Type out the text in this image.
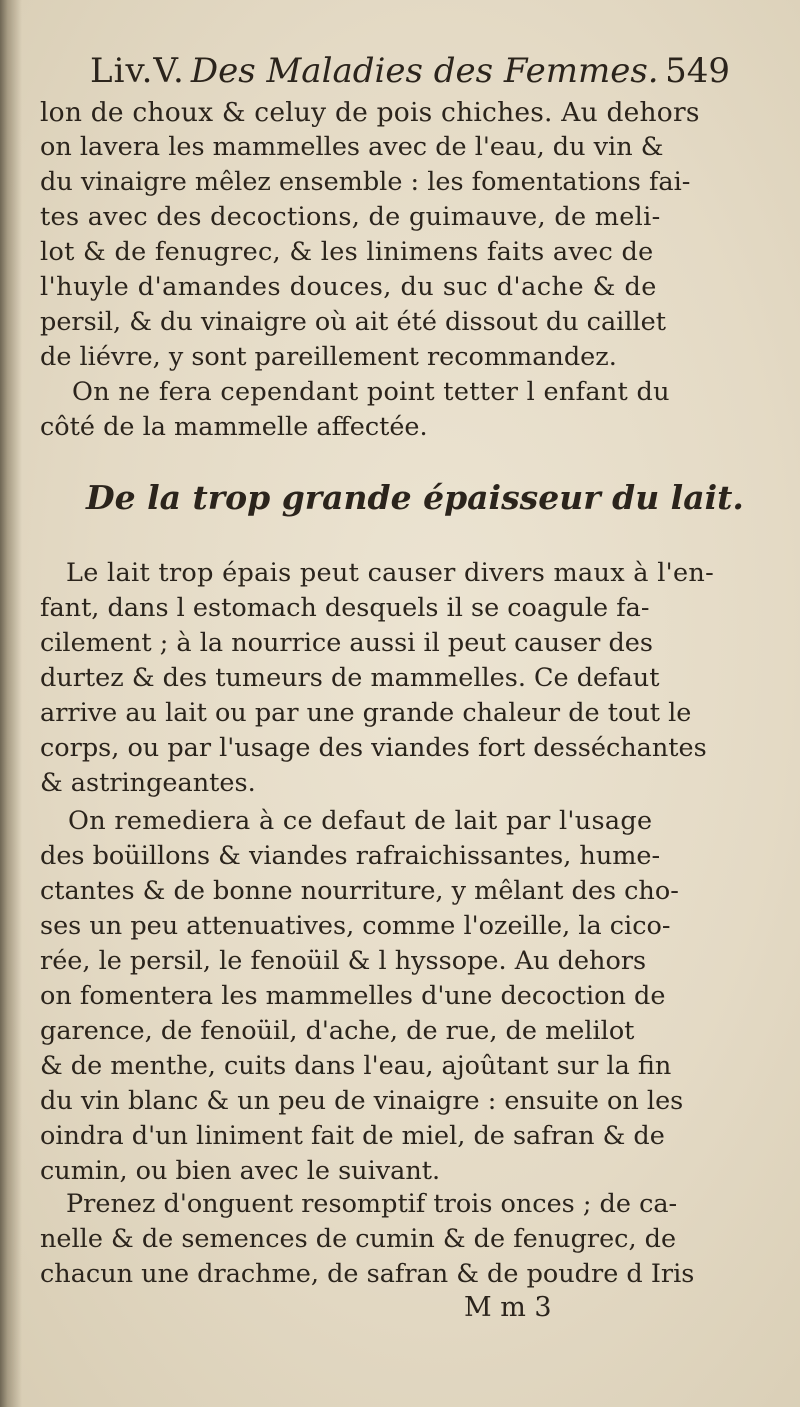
Liv.V. Des Maladies des Femmes. 549
lon de choux & celuy de pois chiches. Au dehors
on lavera les mammelles avec de l'eau, du vin &
du vinaigre mêlez ensemble : les fomentations fai-
tes avec des decoctions, de guimauve, de meli-
lot & de fenugrec, & les linimens faits avec de
l'huyle d'amandes douces, du suc d'ache & de
persil, & du vinaigre où ait été dissout du caillet
de liévre, y sont pareillement recommandez.
On ne fera cependant point tetter l enfant du
côté de la mammelle affectée.
De la trop grande épaisseur du lait.
Le lait trop épais peut causer divers maux à l'en-
fant, dans l estomach desquels il se coagule fa-
cilement ; à la nourrice aussi il peut causer des
durtez & des tumeurs de mammelles. Ce defaut
arrive au lait ou par une grande chaleur de tout le
corps, ou par l'usage des viandes fort desséchantes
& astringeantes.
On remediera à ce defaut de lait par l'usage
des boüillons & viandes rafraichissantes, hume-
ctantes & de bonne nourriture, y mêlant des cho-
ses un peu attenuatives, comme l'ozeille, la cico-
rée, le persil, le fenoüil & l hyssope. Au dehors
on fomentera les mammelles d'une decoction de
garence, de fenoüil, d'ache, de rue, de melilot
& de menthe, cuits dans l'eau, ajoûtant sur la fin
du vin blanc & un peu de vinaigre : ensuite on les
oindra d'un liniment fait de miel, de safran & de
cumin, ou bien avec le suivant.
Prenez d'onguent resomptif trois onces ; de ca-
nelle & de semences de cumin & de fenugrec, de
chacun une drachme, de safran & de poudre d Iris
M m 3
